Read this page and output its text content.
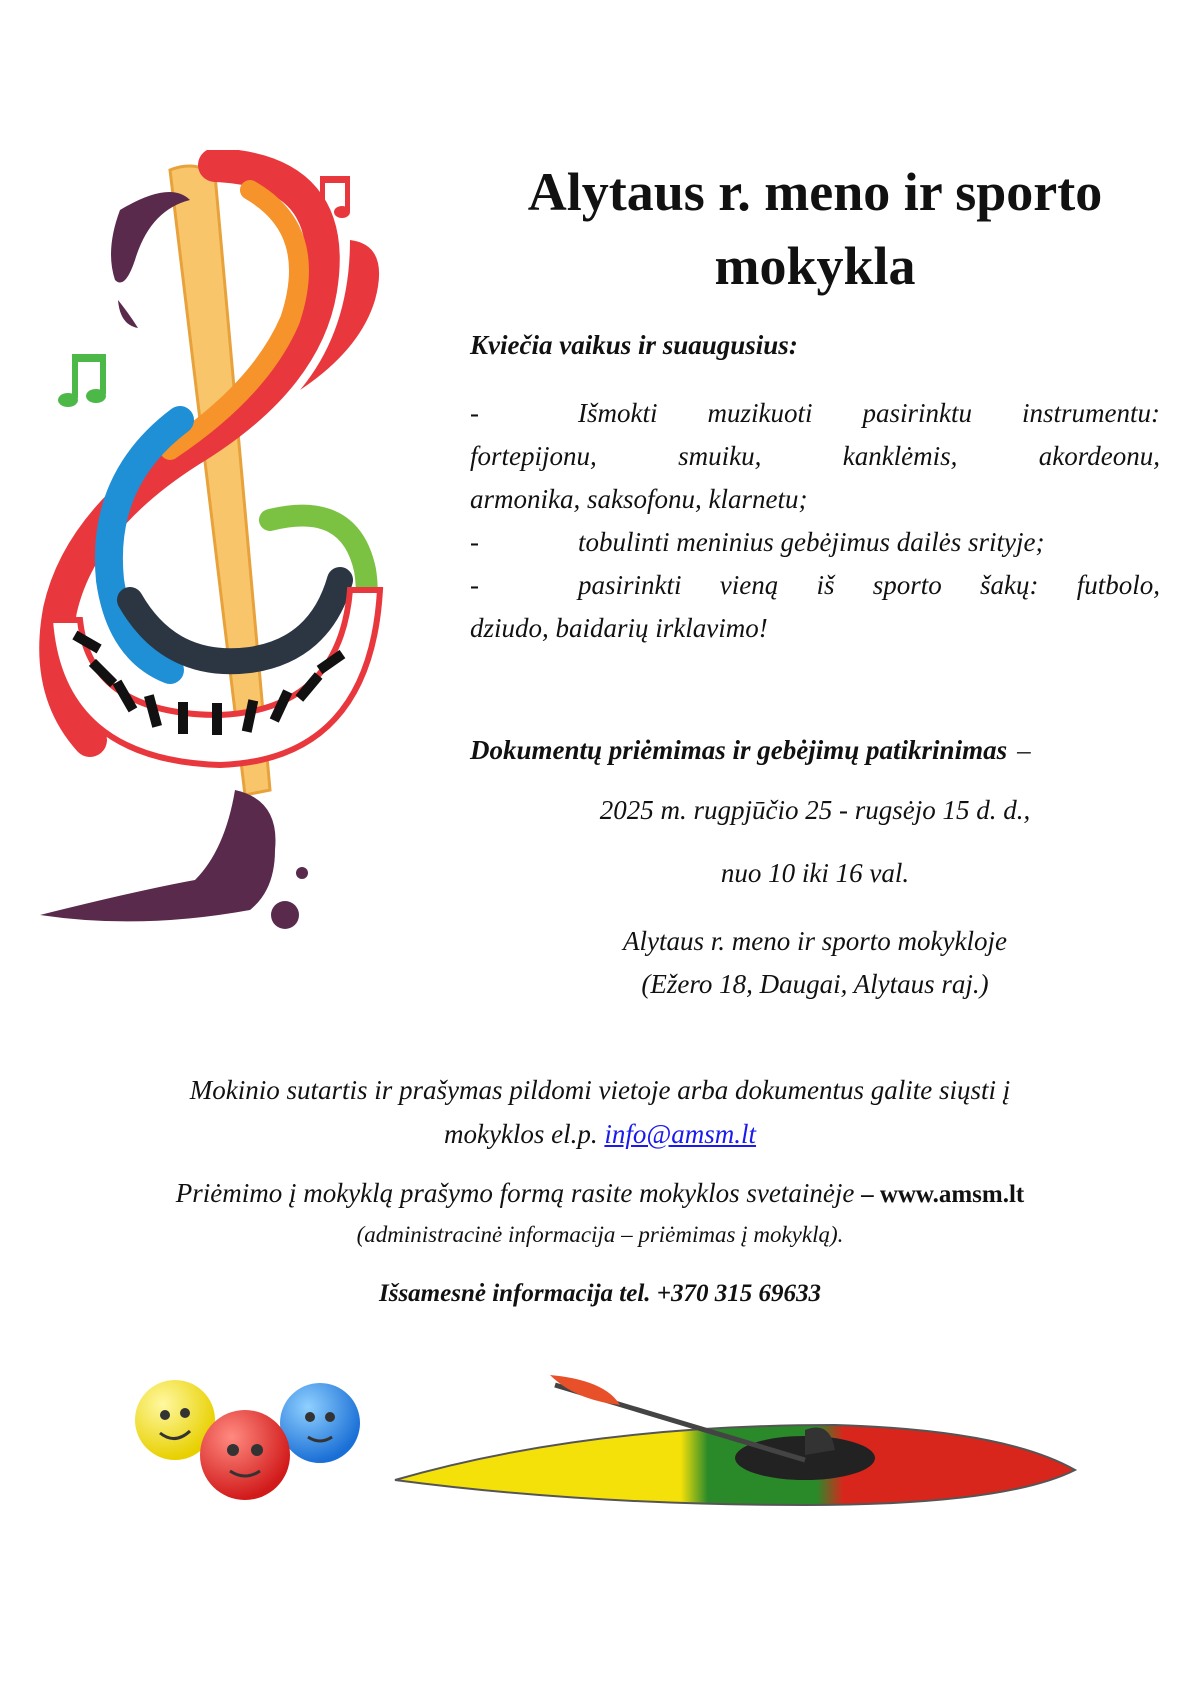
Alytaus r. meno ir sporto
mokykla

Kviečia vaikus ir suaugusius:

-	Išmokti muzikuoti pasirinktu instrumentu:
fortepijonu, smuiku, kanklėmis, akordeonu,
armonika, saksofonu, klarnetu;
-	tobulinti meninius gebėjimus dailės srityje;
-	pasirinkti vieną iš sporto šakų: futbolo,
dziudo, baidarių irklavimo!

Dokumentų priėmimas ir gebėjimų patikrinimas –

2025 m. rugpjūčio 25 - rugsėjo 15 d. d.,

nuo 10 iki 16 val.

Alytaus r. meno ir sporto mokykloje
(Ežero 18, Daugai, Alytaus raj.)

Mokinio sutartis ir prašymas pildomi vietoje arba dokumentus galite siųsti į
mokyklos el.p. info@amsm.lt

Priėmimo į mokyklą prašymo formą rasite mokyklos svetainėje – www.amsm.lt

(administracinė informacija – priėmimas į mokyklą).

Išsamesnė informacija tel. +370 315 69633
